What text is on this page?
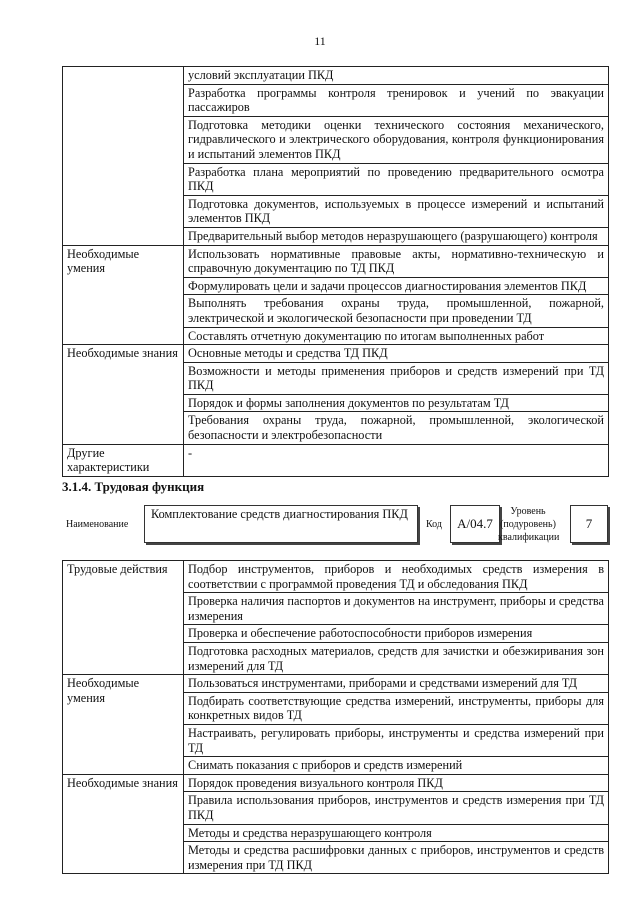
11
	условий эксплуатации ПКД
	Разработка программы контроля тренировок и учений по эвакуации пассажиров
	Подготовка методики оценки технического состояния механического, гидравлического и электрического оборудования, контроля функционирования и испытаний элементов ПКД
	Разработка плана мероприятий по проведению предварительного осмотра ПКД
	Подготовка документов, используемых в процессе измерений и испытаний элементов ПКД
	Предварительный выбор методов неразрушающего (разрушающего) контроля
Необходимые умения	Использовать нормативные правовые акты, нормативно-техническую и справочную документацию по ТД ПКД
	Формулировать цели и задачи процессов диагностирования элементов ПКД
	Выполнять требования охраны труда, промышленной, пожарной, электрической и экологической безопасности при проведении ТД
	Составлять отчетную документацию по итогам выполненных работ
Необходимые знания	Основные методы и средства ТД ПКД
	Возможности и методы применения приборов и средств измерений при ТД ПКД
	Порядок и формы заполнения документов по результатам ТД
	Требования охраны труда, пожарной, промышленной, экологической безопасности и электробезопасности
Другие характеристики	-
3.1.4. Трудовая функция
Наименование
Комплектование средств диагностирования ПКД
Код	А/04.7
Уровень (подуровень) квалификации
7
Трудовые действия	Подбор инструментов, приборов и необходимых средств измерения в соответствии с программой проведения ТД и обследования ПКД
	Проверка наличия паспортов и документов на инструмент, приборы и средства измерения
	Проверка и обеспечение работоспособности приборов измерения
	Подготовка расходных материалов, средств для зачистки и обезжиривания зон измерений для ТД
Необходимые умения	Пользоваться инструментами, приборами и средствами измерений для ТД
	Подбирать соответствующие средства измерений, инструменты, приборы для конкретных видов ТД
	Настраивать, регулировать приборы, инструменты и средства измерений при ТД
	Снимать показания с приборов и средств измерений
Необходимые знания	Порядок проведения визуального контроля ПКД
	Правила использования приборов, инструментов и средств измерения при ТД ПКД
	Методы и средства неразрушающего контроля
	Методы и средства расшифровки данных с приборов, инструментов и средств измерения при ТД ПКД
